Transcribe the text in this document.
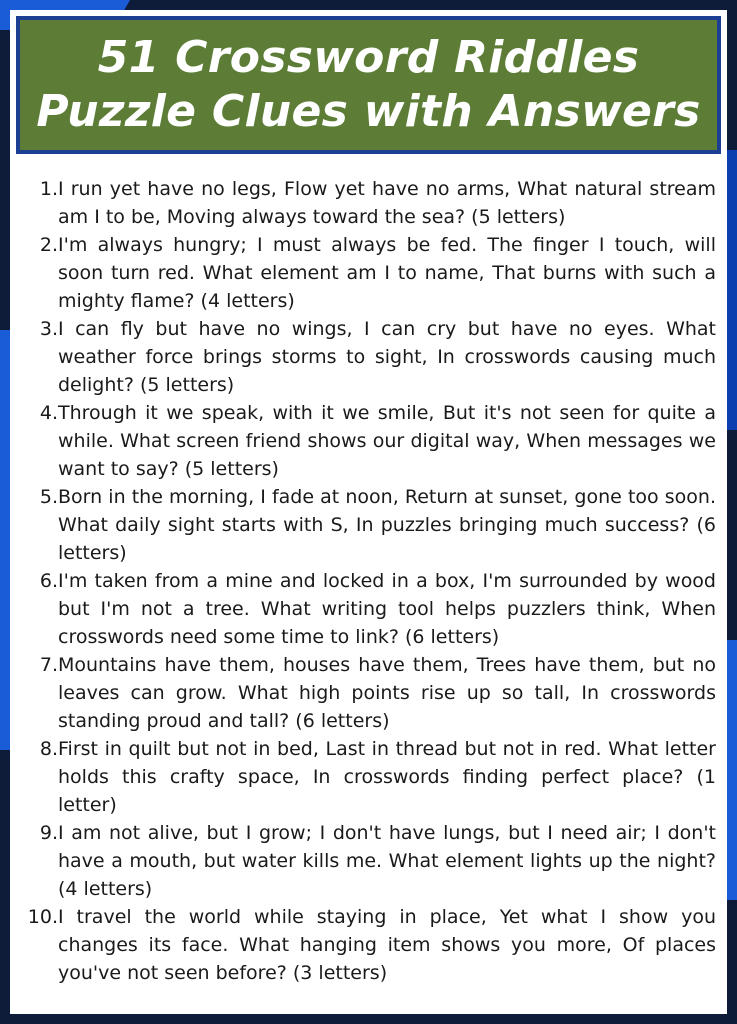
51 Crossword Riddles
Puzzle Clues with Answers
1. I run yet have no legs, Flow yet have no arms, What natural stream am I to be, Moving always toward the sea? (5 letters)
2. I'm always hungry; I must always be fed. The finger I touch, will soon turn red. What element am I to name, That burns with such a mighty flame? (4 letters)
3. I can fly but have no wings, I can cry but have no eyes. What weather force brings storms to sight, In crosswords causing much delight? (5 letters)
4. Through it we speak, with it we smile, But it's not seen for quite a while. What screen friend shows our digital way, When messages we want to say? (5 letters)
5. Born in the morning, I fade at noon, Return at sunset, gone too soon. What daily sight starts with S, In puzzles bringing much success? (6 letters)
6. I'm taken from a mine and locked in a box, I'm surrounded by wood but I'm not a tree. What writing tool helps puzzlers think, When crosswords need some time to link? (6 letters)
7. Mountains have them, houses have them, Trees have them, but no leaves can grow. What high points rise up so tall, In crosswords standing proud and tall? (6 letters)
8. First in quilt but not in bed, Last in thread but not in red. What letter holds this crafty space, In crosswords finding perfect place? (1 letter)
9. I am not alive, but I grow; I don't have lungs, but I need air; I don't have a mouth, but water kills me. What element lights up the night? (4 letters)
10. I travel the world while staying in place, Yet what I show you changes its face. What hanging item shows you more, Of places you've not seen before? (3 letters)
